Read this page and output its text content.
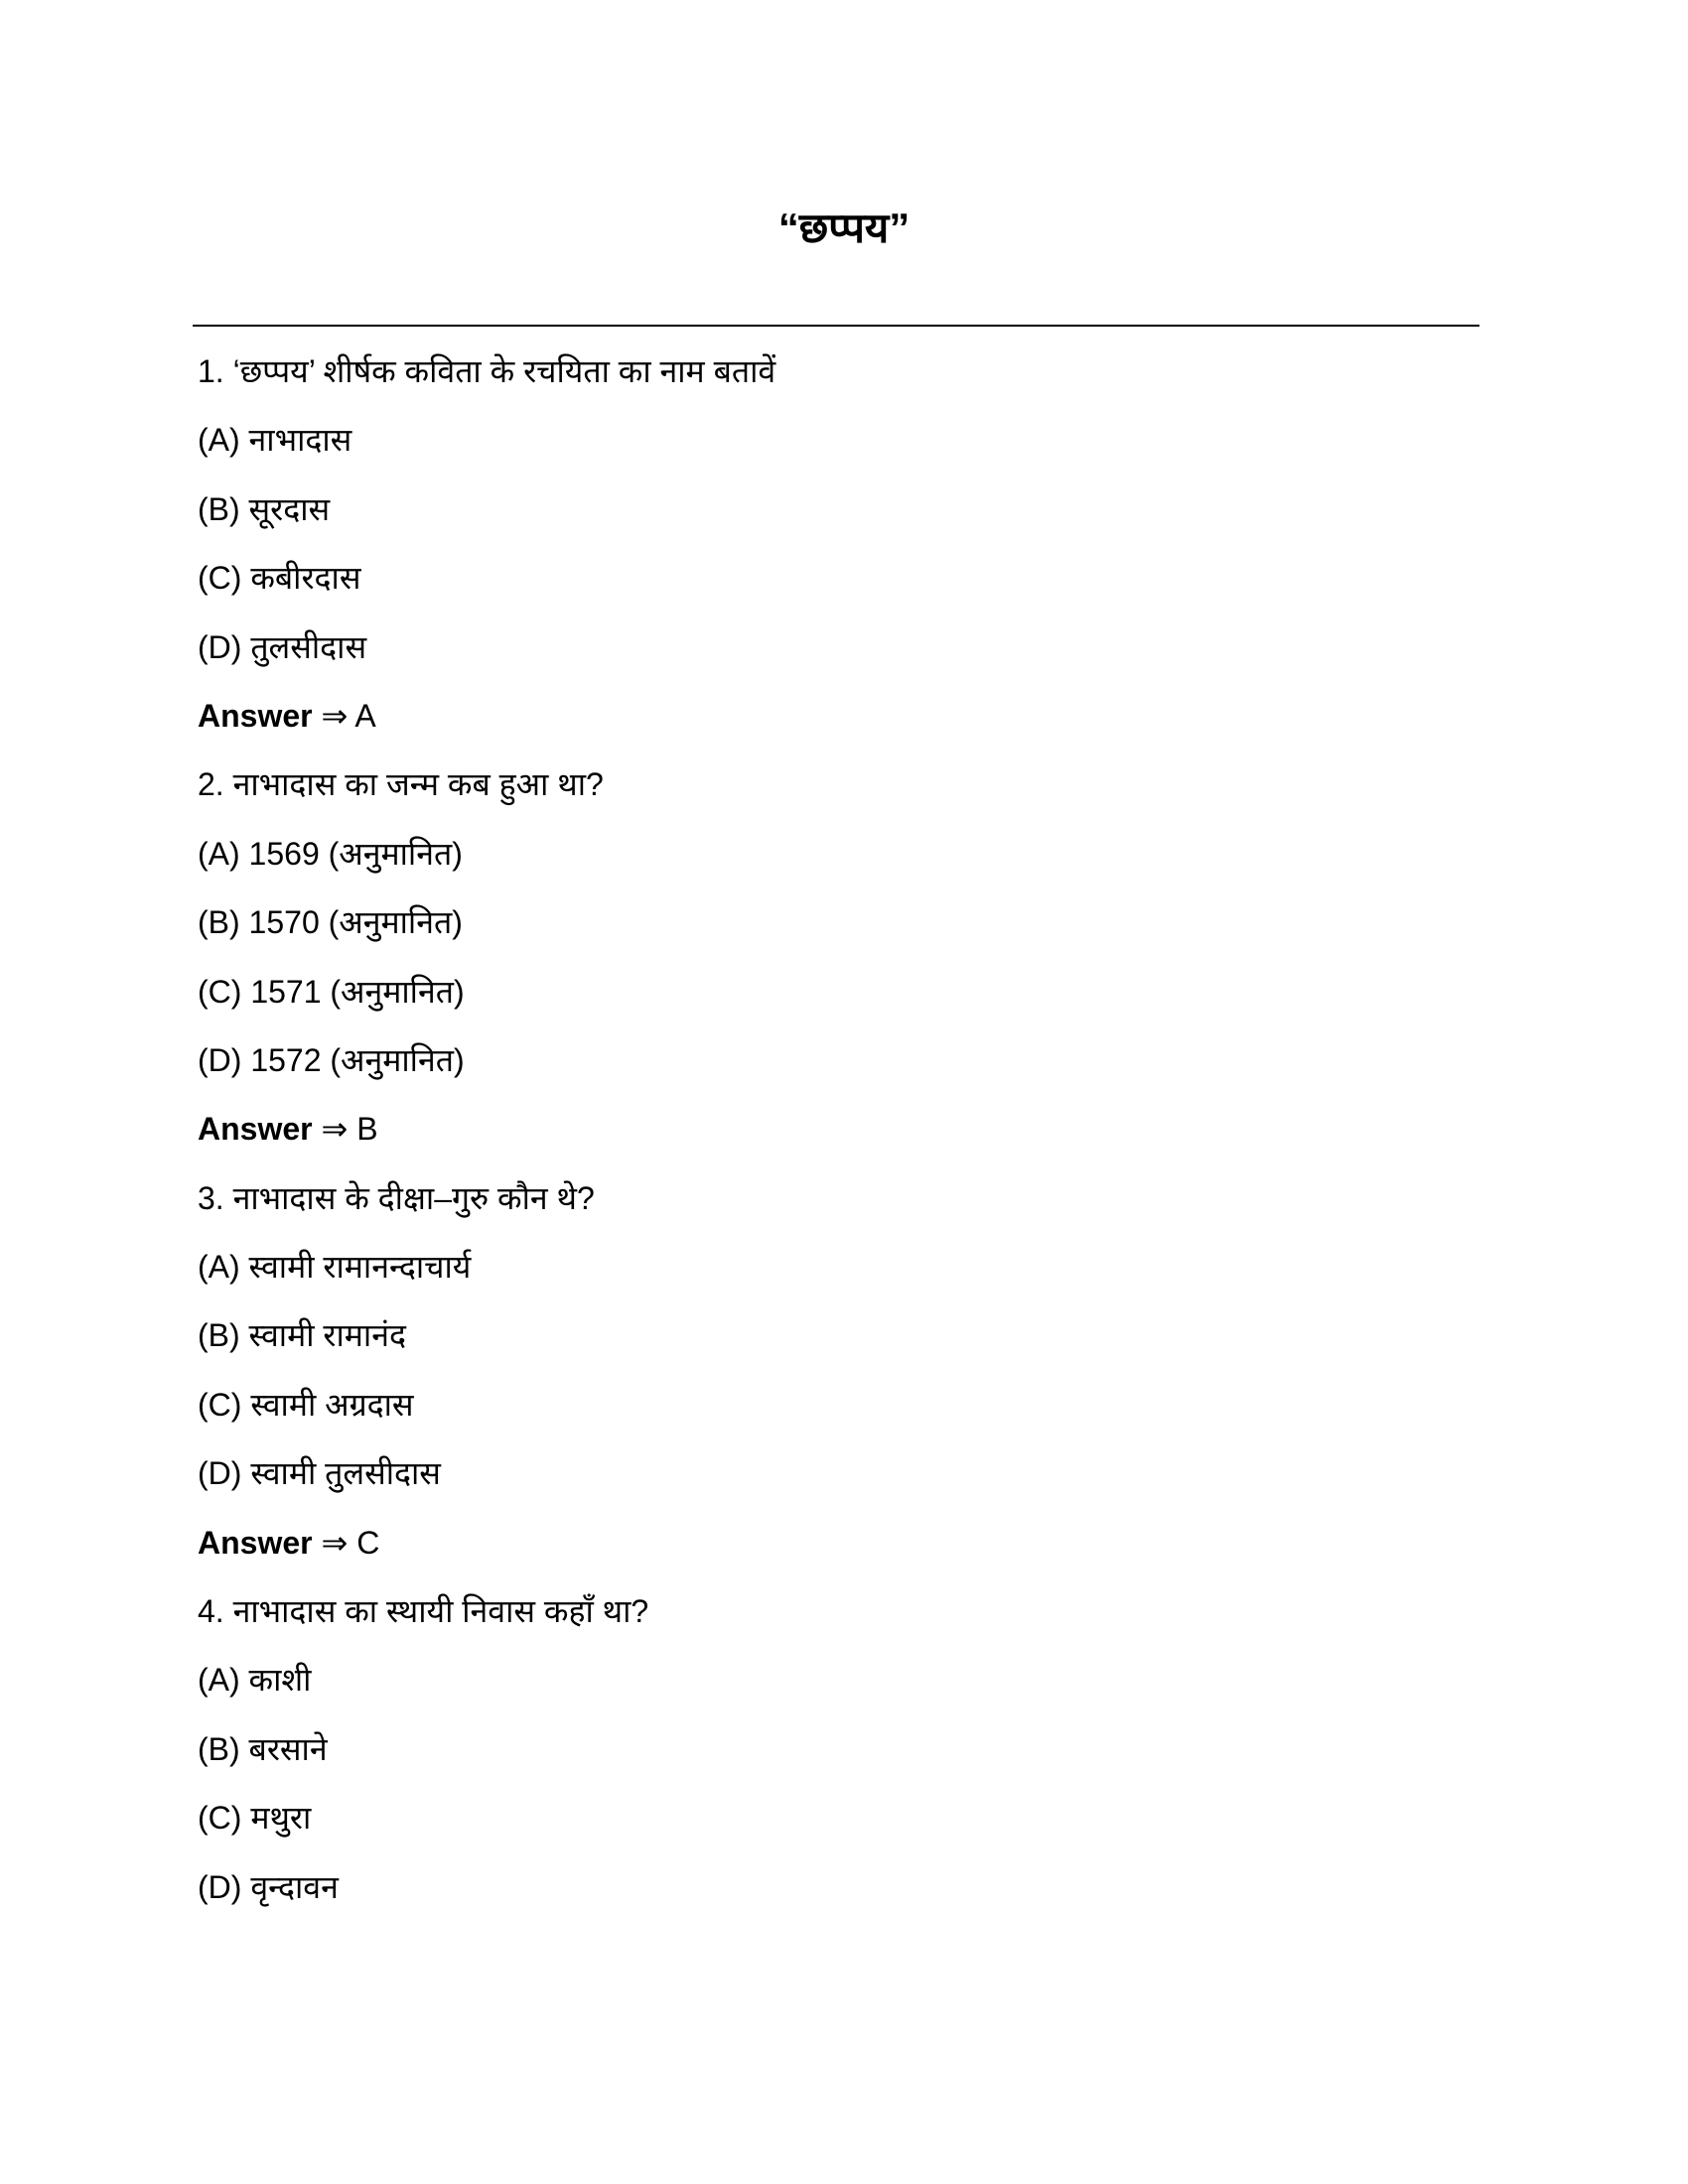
“छप्पय”
1. ‘छप्पय’ शीर्षक कविता के रचयिता का नाम बतावें
(A) नाभादास
(B) सूरदास
(C) कबीरदास
(D) तुलसीदास
Answer ⇒ A
2. नाभादास का जन्म कब हुआ था?
(A) 1569 (अनुमानित)
(B) 1570 (अनुमानित)
(C) 1571 (अनुमानित)
(D) 1572 (अनुमानित)
Answer ⇒ B
3. नाभादास के दीक्षा–गुरु कौन थे?
(A) स्वामी रामानन्दाचार्य
(B) स्वामी रामानंद
(C) स्वामी अग्रदास
(D) स्वामी तुलसीदास
Answer ⇒ C
4. नाभादास का स्थायी निवास कहाँ था?
(A) काशी
(B) बरसाने
(C) मथुरा
(D) वृन्दावन
